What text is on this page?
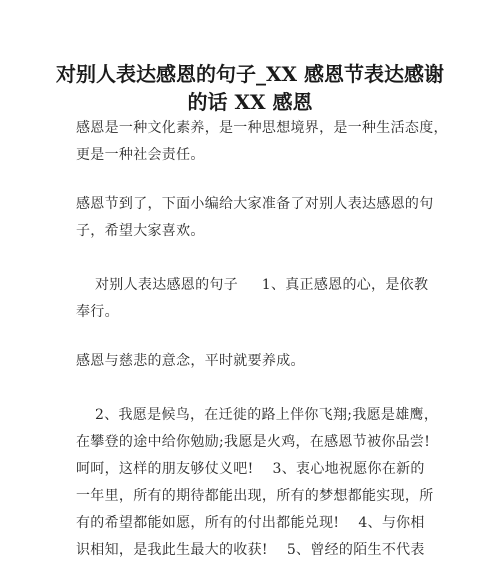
对别人表达感恩的句子_XX 感恩节表达感谢
的话 XX 感恩

感恩是一种文化素养，是一种思想境界，是一种生活态度，

更是一种社会责任。

感恩节到了，下面小编给大家准备了对别人表达感恩的句

子，希望大家喜欢。

对别人表达感恩的句子     1、真正感恩的心，是依教

奉行。

感恩与慈悲的意念，平时就要养成。

2、我愿是候鸟，在迁徙的路上伴你飞翔;我愿是雄鹰，

在攀登的途中给你勉励;我愿是火鸡，在感恩节被你品尝!

呵呵，这样的朋友够仗义吧!    3、衷心地祝愿你在新的

一年里，所有的期待都能出现，所有的梦想都能实现，所

有的希望都能如愿，所有的付出都能兑现!    4、与你相

识相知，是我此生最大的收获!    5、曾经的陌生不代表
